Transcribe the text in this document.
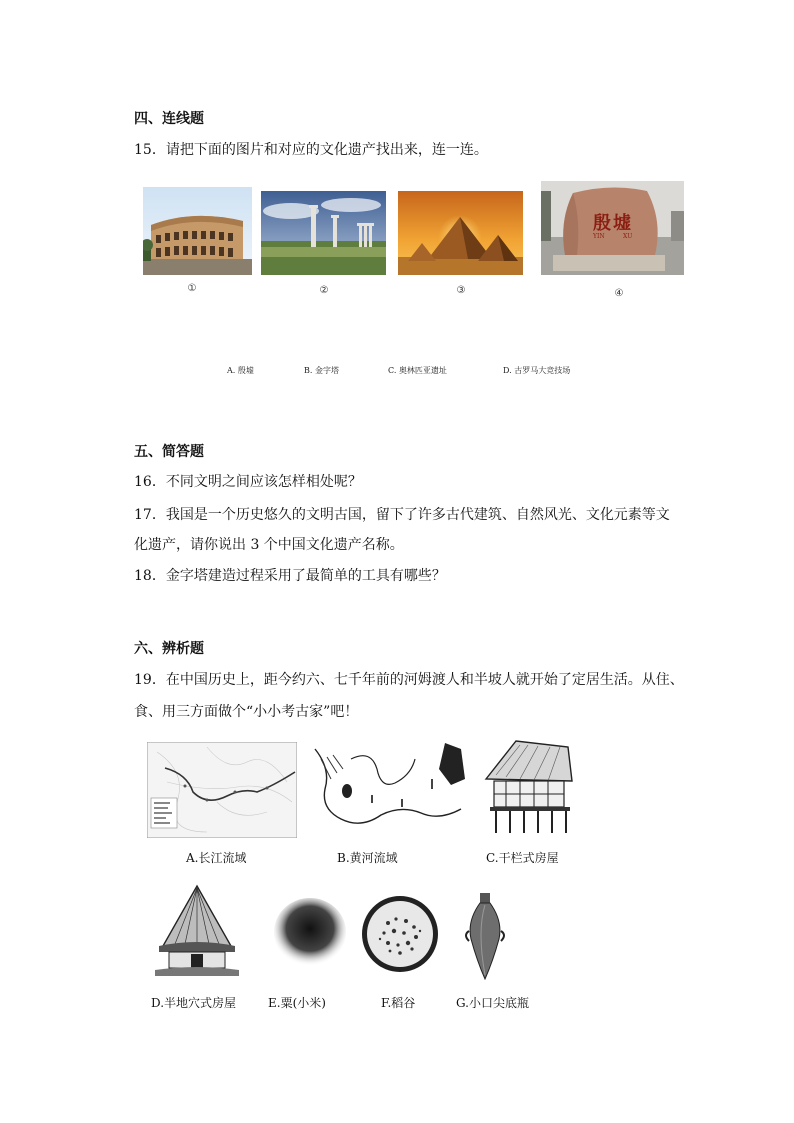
四、连线题
15．请把下面的图片和对应的文化遗产找出来，连一连。
①	②	③
殷墟
YIN	XU
④
A. 殷墟	B. 金字塔	C. 奥林匹亚遗址	D. 古罗马大竞技场
五、简答题
16．不同文明之间应该怎样相处呢？
17．我国是一个历史悠久的文明古国，留下了许多古代建筑、自然风光、文化元素等文
化遗产，请你说出 3 个中国文化遗产名称。
18．金字塔建造过程采用了最简单的工具有哪些？
六、辨析题
19．在中国历史上，距今约六、七千年前的河姆渡人和半坡人就开始了定居生活。从住、
食、用三方面做个“小小考古家”吧！
A.长江流域	B.黄河流域	C.干栏式房屋
D.半地穴式房屋	E.粟(小米)	F.稻谷	G.小口尖底瓶
